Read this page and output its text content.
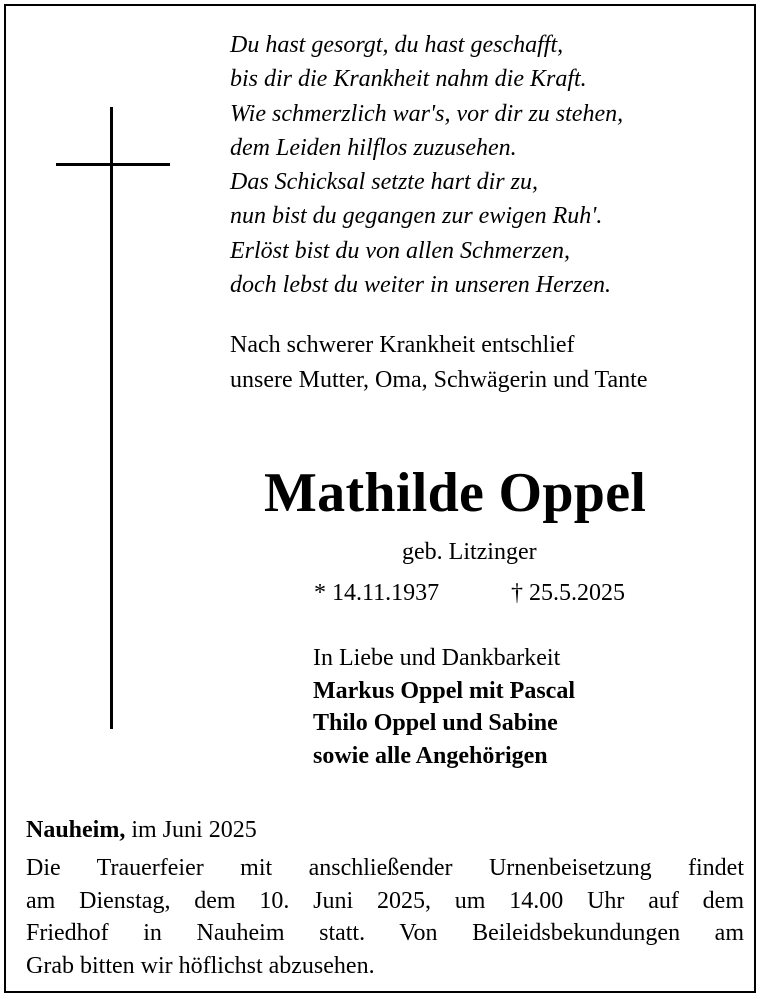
Du hast gesorgt, du hast geschafft,
bis dir die Krankheit nahm die Kraft.
Wie schmerzlich war's, vor dir zu stehen,
dem Leiden hilflos zuzusehen.
Das Schicksal setzte hart dir zu,
nun bist du gegangen zur ewigen Ruh'.
Erlöst bist du von allen Schmerzen,
doch lebst du weiter in unseren Herzen.
Nach schwerer Krankheit entschlief
unsere Mutter, Oma, Schwägerin und Tante
Mathilde Oppel
geb. Litzinger
* 14.11.1937	† 25.5.2025
In Liebe und Dankbarkeit
Markus Oppel mit Pascal
Thilo Oppel und Sabine
sowie alle Angehörigen
Nauheim, im Juni 2025
Die Trauerfeier mit anschließender Urnenbeisetzung findet
am Dienstag, dem 10. Juni 2025, um 14.00 Uhr auf dem
Friedhof in Nauheim statt. Von Beileidsbekundungen am
Grab bitten wir höflichst abzusehen.
